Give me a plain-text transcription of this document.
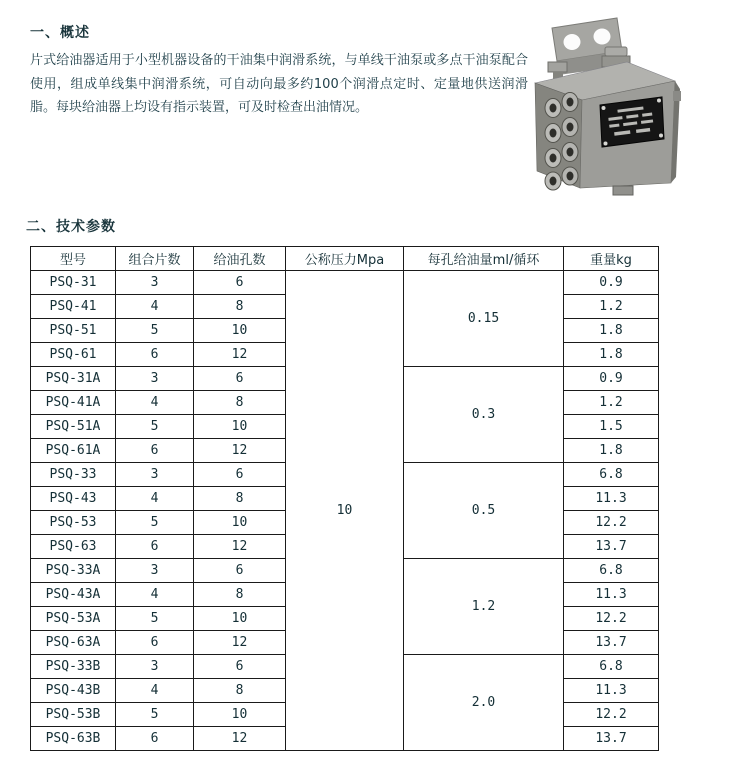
一、概述
片式给油器适用于小型机器设备的干油集中润滑系统，与单线干油泵或多点干油泵配合使用，组成单线集中润滑系统，可自动向最多约100个润滑点定时、定量地供送润滑脂。每块给油器上均设有指示装置，可及时检查出油情况。
二、技术参数
型号	组合片数	给油孔数	公称压力Mpa	每孔给油量ml/循环	重量kg
PSQ-31	3	6	10	0.15	0.9
PSQ-41	4	8			1.2
PSQ-51	5	10			1.8
PSQ-61	6	12			1.8
PSQ-31A	3	6		0.3	0.9
PSQ-41A	4	8			1.2
PSQ-51A	5	10			1.5
PSQ-61A	6	12			1.8
PSQ-33	3	6		0.5	6.8
PSQ-43	4	8			11.3
PSQ-53	5	10			12.2
PSQ-63	6	12			13.7
PSQ-33A	3	6		1.2	6.8
PSQ-43A	4	8			11.3
PSQ-53A	5	10			12.2
PSQ-63A	6	12			13.7
PSQ-33B	3	6		2.0	6.8
PSQ-43B	4	8			11.3
PSQ-53B	5	10			12.2
PSQ-63B	6	12			13.7
